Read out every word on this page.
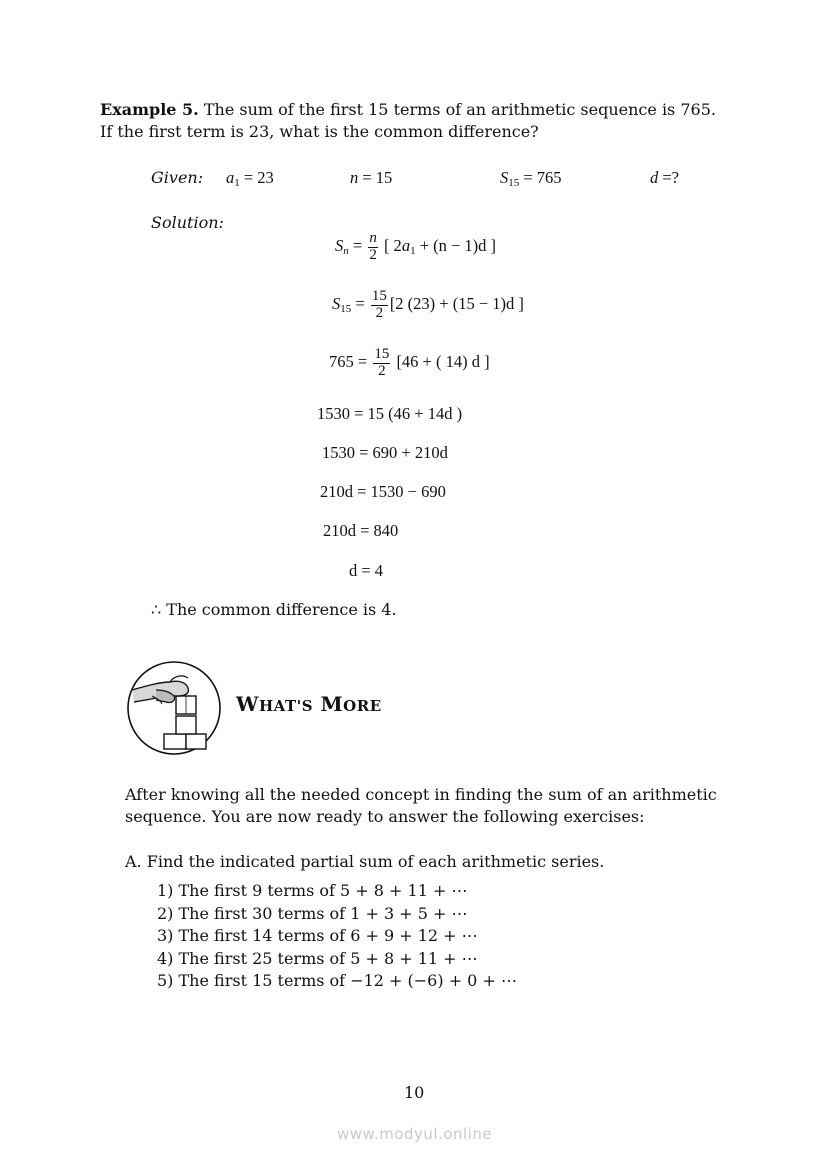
Example 5. The sum of the first 15 terms of an arithmetic sequence is 765.
If the first term is 23, what is the common difference?
Given: $a_1 = 23$	n = 15	$S_{15} = 765$	d =?
Solution:
$S_n = \frac{n}{2}$ [ $2a_1 + (n - 1)d$ ]
$S_{15} = \frac{15}{2} [2$ (23) + (15 − 1)d ]
$765 = \frac{15}{2} [46$ + ( 14) d ]
1530 = 15 (46 + 14d )
1530 = 690 + 210d
210d = 1530 − 690
210d = 840
d = 4
∴ The common difference is 4.
WHAT'S MORE
After knowing all the needed concept in finding the sum of an arithmetic
sequence. You are now ready to answer the following exercises:
A. Find the indicated partial sum of each arithmetic series.
1) The first 9 terms of 5 + 8 + 11 + ⋯
2) The first 30 terms of 1 + 3 + 5 + ⋯
3) The first 14 terms of 6 + 9 + 12 + ⋯
4) The first 25 terms of 5 + 8 + 11 + ⋯
5) The first 15 terms of −12 + (−6) + 0 + ⋯
10
www.modyul.online
